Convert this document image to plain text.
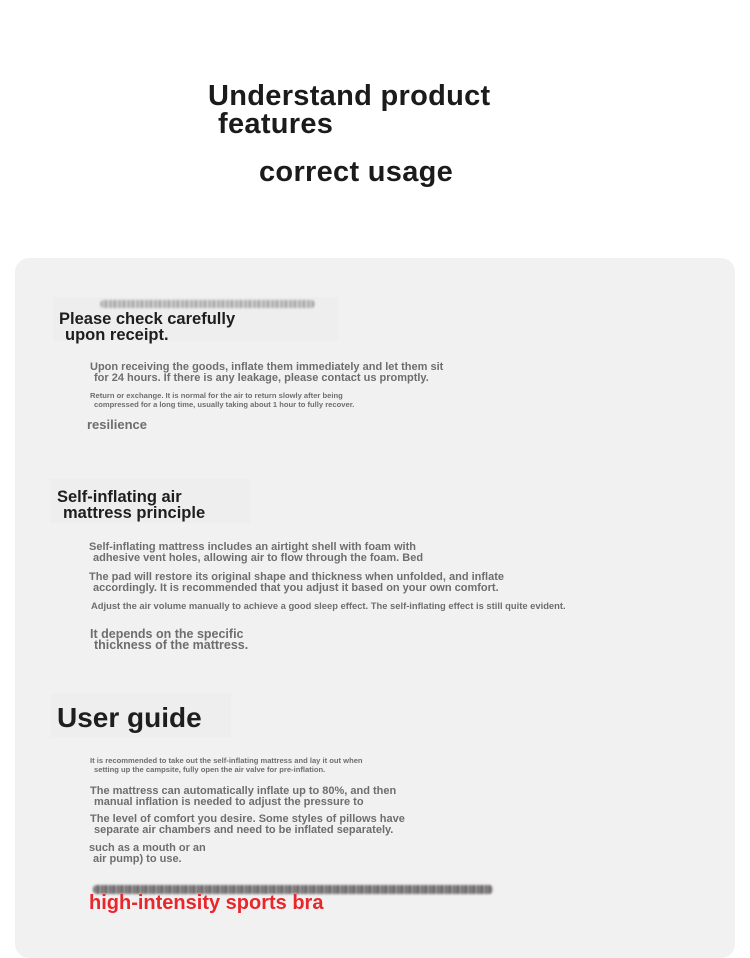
Understand product
features
correct usage
Please check carefully
upon receipt.
Upon receiving the goods, inflate them immediately and let them sit
for 24 hours. If there is any leakage, please contact us promptly.
Return or exchange. It is normal for the air to return slowly after being
compressed for a long time, usually taking about 1 hour to fully recover.
resilience
Self-inflating air
mattress principle
Self-inflating mattress includes an airtight shell with foam with
adhesive vent holes, allowing air to flow through the foam. Bed
The pad will restore its original shape and thickness when unfolded, and inflate
accordingly. It is recommended that you adjust it based on your own comfort.
Adjust the air volume manually to achieve a good sleep effect. The self-inflating effect is still quite evident.
It depends on the specific
thickness of the mattress.
User guide
It is recommended to take out the self-inflating mattress and lay it out when
setting up the campsite, fully open the air valve for pre-inflation.
The mattress can automatically inflate up to 80%, and then
manual inflation is needed to adjust the pressure to
The level of comfort you desire. Some styles of pillows have
separate air chambers and need to be inflated separately.
such as a mouth or an
air pump) to use.
high-intensity sports bra
